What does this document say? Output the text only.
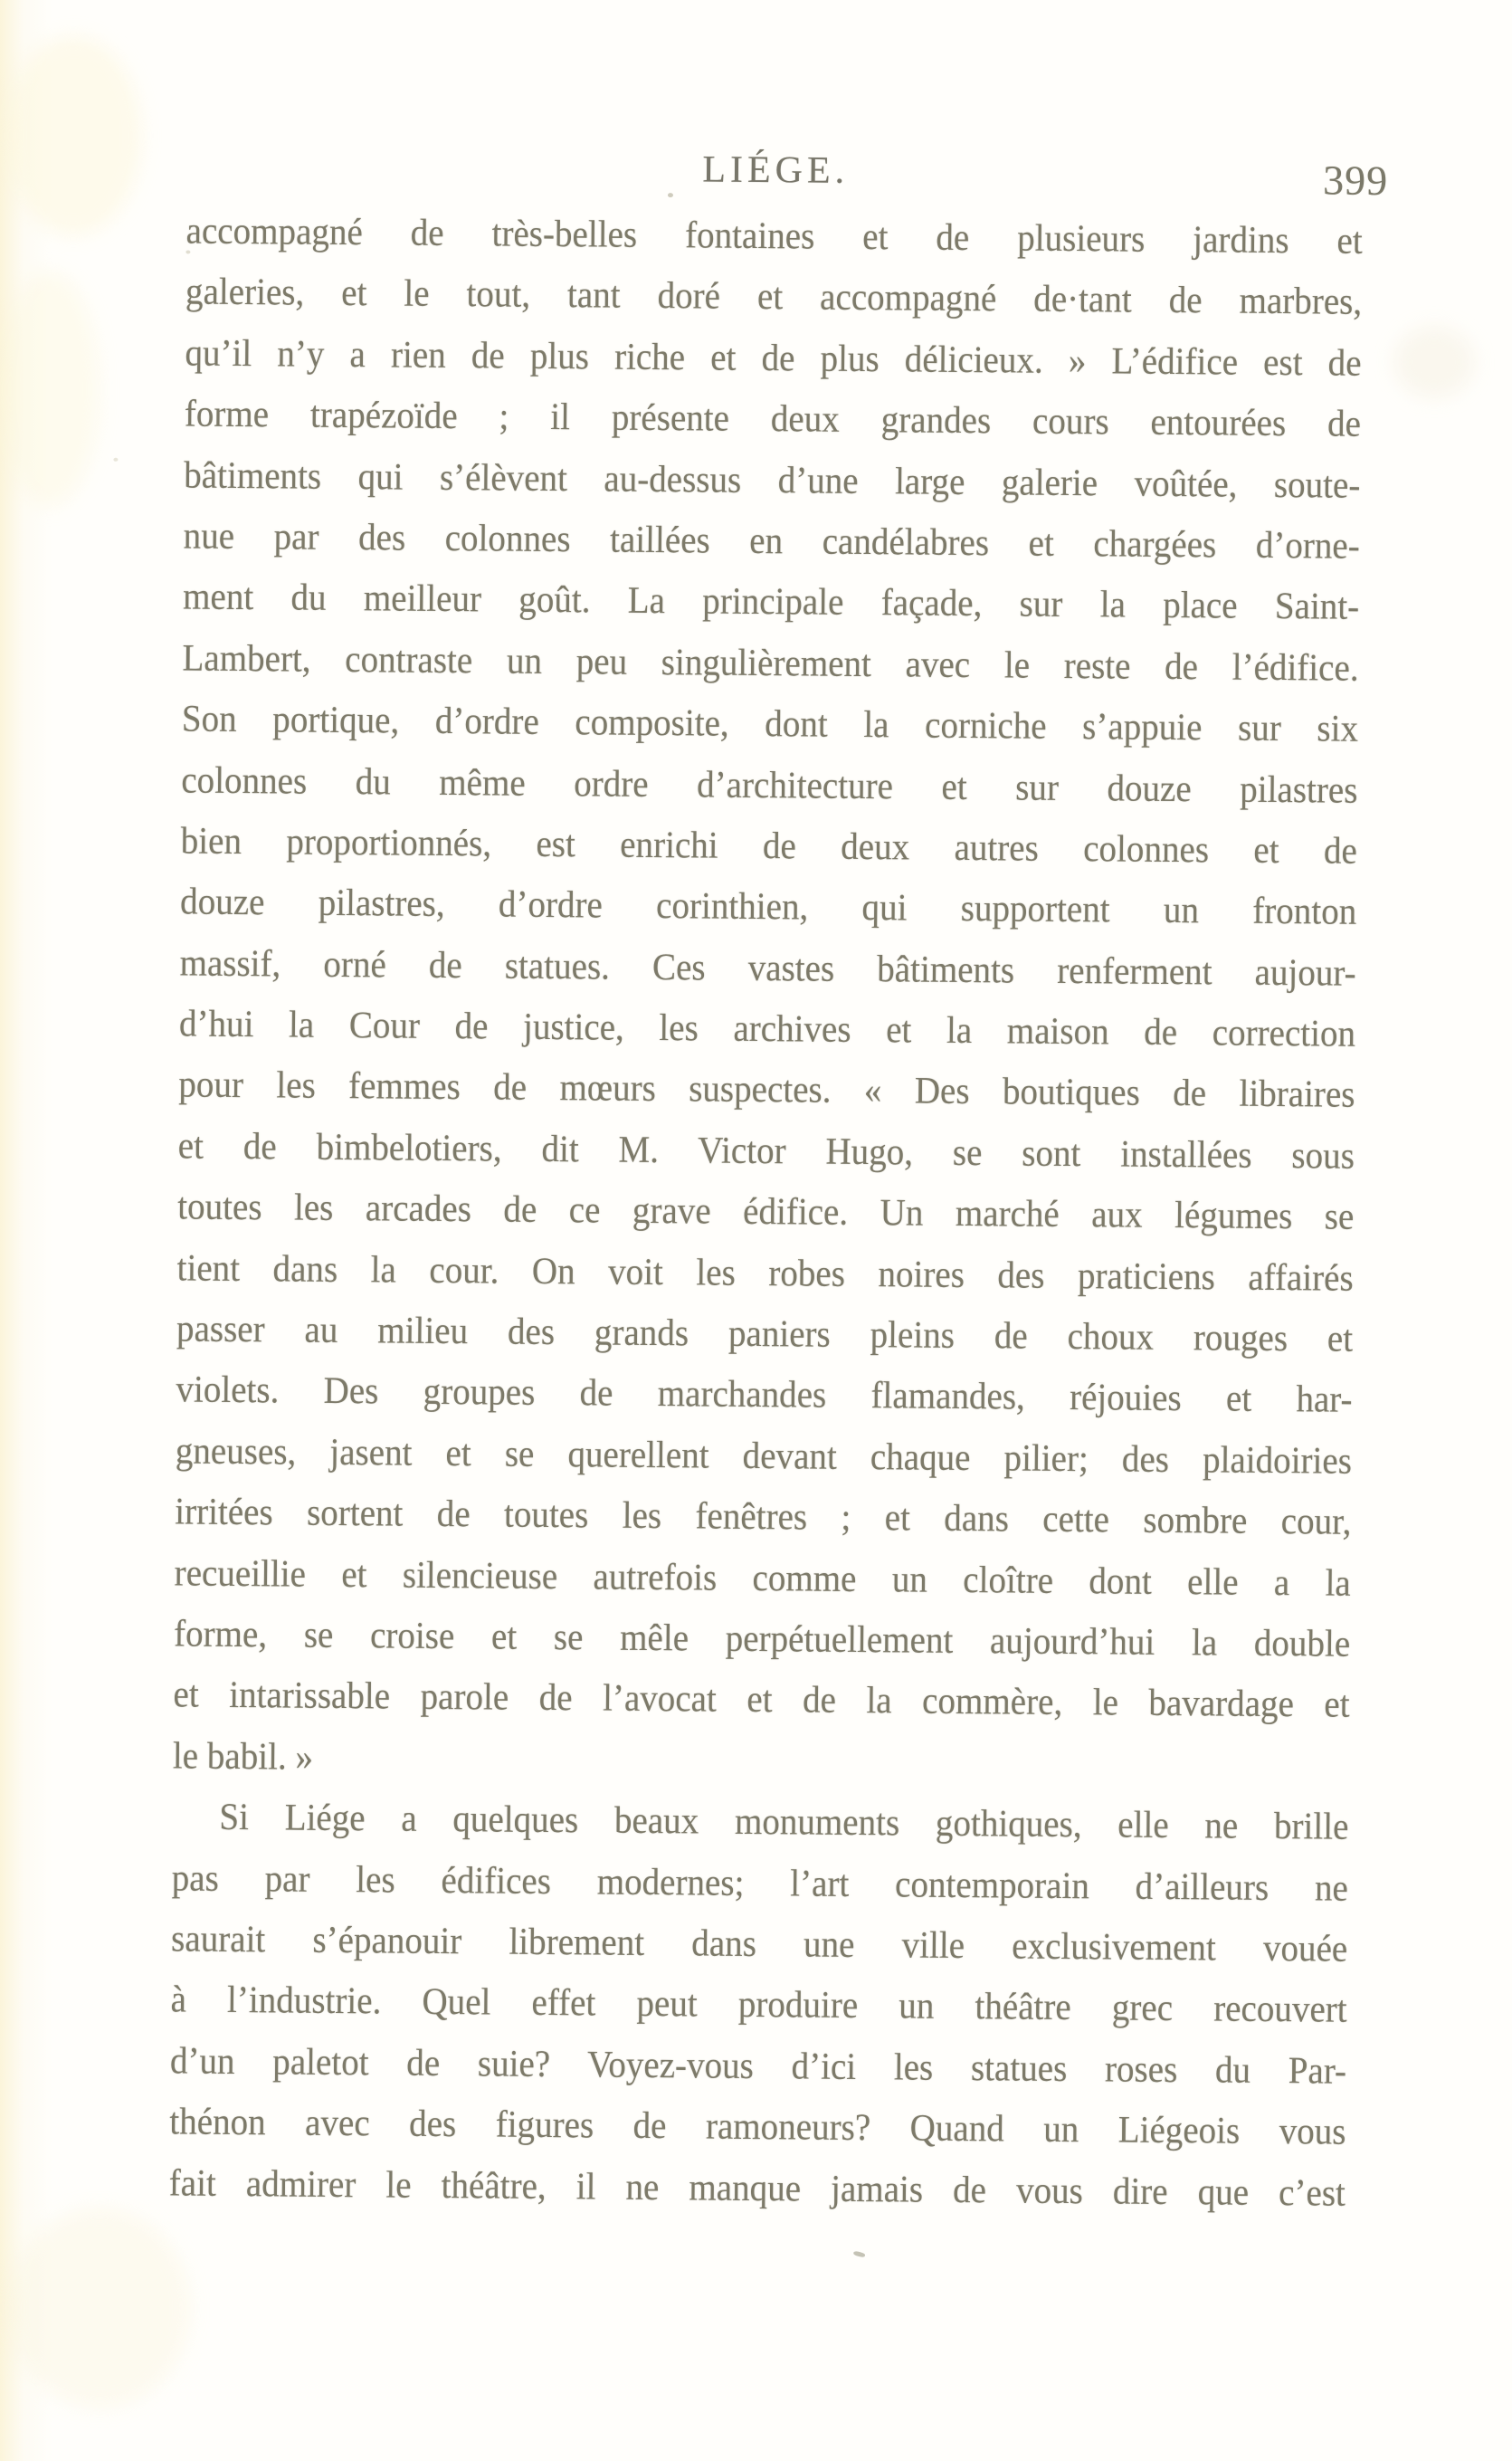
LIÉGE.	399
accompagné de très-belles fontaines et de plusieurs jardins et
galeries, et le tout, tant doré et accompagné de·tant de marbres,
qu’il n’y a rien de plus riche et de plus délicieux. » L’édifice est de
forme trapézoïde ; il présente deux grandes cours entourées de
bâtiments qui s’élèvent au-dessus d’une large galerie voûtée, soute-
nue par des colonnes taillées en candélabres et chargées d’orne-
ment du meilleur goût. La principale façade, sur la place Saint-
Lambert, contraste un peu singulièrement avec le reste de l’édifice.
Son portique, d’ordre composite, dont la corniche s’appuie sur six
colonnes du même ordre d’architecture et sur douze pilastres
bien proportionnés, est enrichi de deux autres colonnes et de
douze pilastres, d’ordre corinthien, qui supportent un fronton
massif, orné de statues. Ces vastes bâtiments renferment aujour-
d’hui la Cour de justice, les archives et la maison de correction
pour les femmes de mœurs suspectes. « Des boutiques de libraires
et de bimbelotiers, dit M. Victor Hugo, se sont installées sous
toutes les arcades de ce grave édifice. Un marché aux légumes se
tient dans la cour. On voit les robes noires des praticiens affairés
passer au milieu des grands paniers pleins de choux rouges et
violets. Des groupes de marchandes flamandes, réjouies et har-
gneuses, jasent et se querellent devant chaque pilier; des plaidoiries
irritées sortent de toutes les fenêtres ; et dans cette sombre cour,
recueillie et silencieuse autrefois comme un cloître dont elle a la
forme, se croise et se mêle perpétuellement aujourd’hui la double
et intarissable parole de l’avocat et de la commère, le bavardage et
le babil. »
Si Liége a quelques beaux monuments gothiques, elle ne brille
pas par les édifices modernes; l’art contemporain d’ailleurs ne
saurait s’épanouir librement dans une ville exclusivement vouée
à l’industrie. Quel effet peut produire un théâtre grec recouvert
d’un paletot de suie? Voyez-vous d’ici les statues roses du Par-
thénon avec des figures de ramoneurs? Quand un Liégeois vous
fait admirer le théâtre, il ne manque jamais de vous dire que c’est
